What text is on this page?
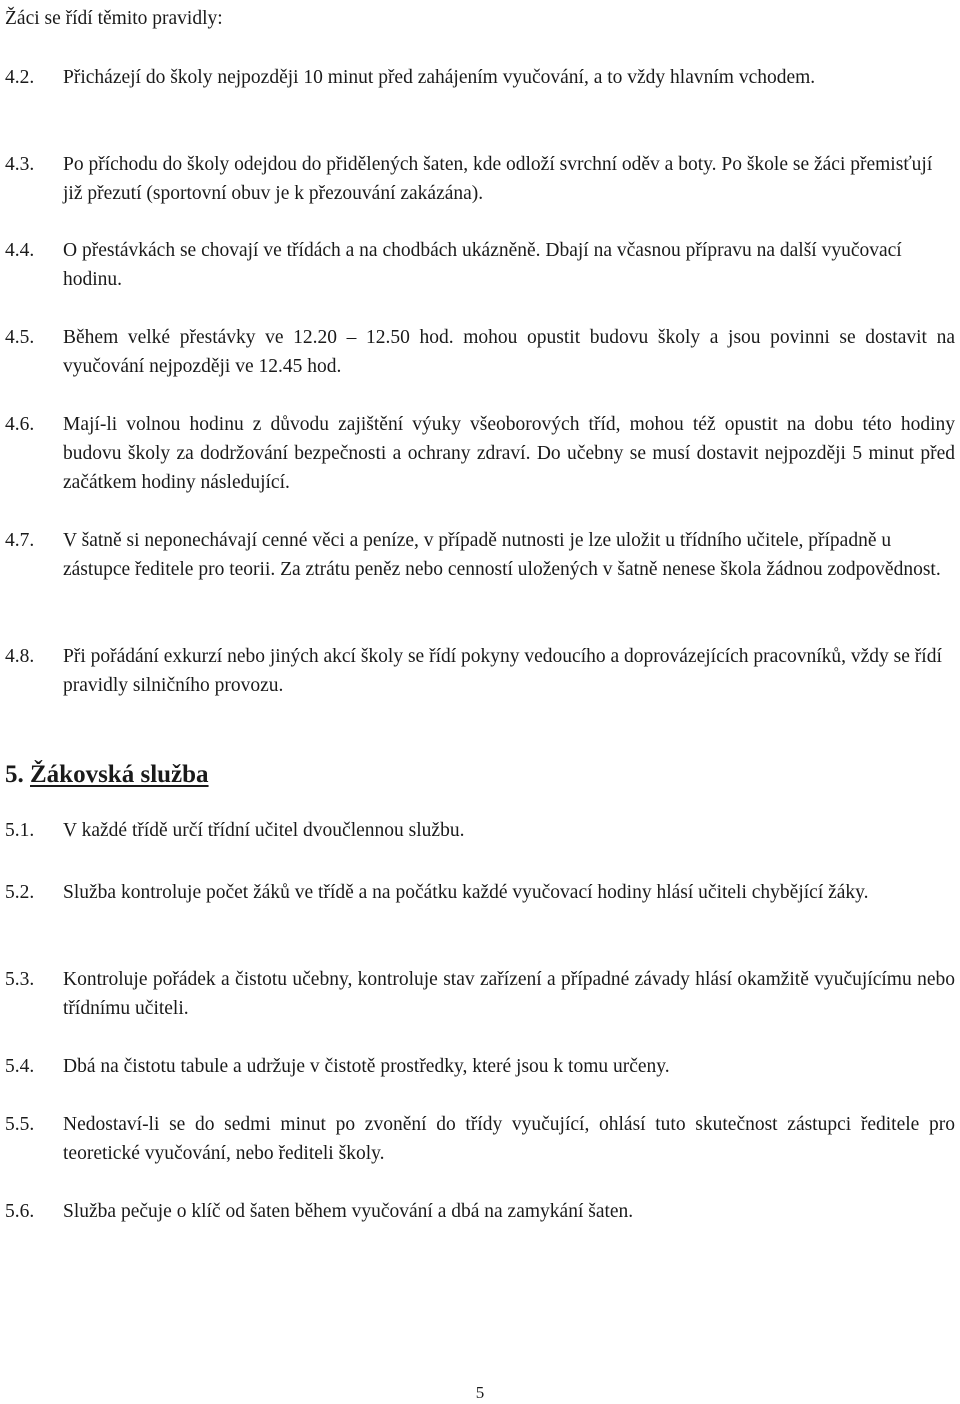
Žáci se řídí těmito pravidly:
4.2. Přicházejí do školy nejpozději 10 minut před zahájením vyučování, a to vždy hlavním vchodem.
4.3. Po příchodu do školy odejdou do přidělených šaten, kde odloží svrchní oděv a boty. Po škole se žáci přemisťují již přezutí (sportovní obuv je k přezouvání zakázána).
4.4. O přestávkách se chovají ve třídách a na chodbách ukázněně. Dbají na včasnou přípravu na další vyučovací hodinu.
4.5. Během velké přestávky ve 12.20 – 12.50 hod. mohou opustit budovu školy a jsou povinni se dostavit na vyučování nejpozději ve 12.45 hod.
4.6. Mají-li volnou hodinu z důvodu zajištění výuky všeoborových tříd, mohou též opustit na dobu této hodiny budovu školy za dodržování bezpečnosti a ochrany zdraví. Do učebny se musí dostavit nejpozději 5 minut před začátkem hodiny následující.
4.7. V šatně si neponechávají cenné věci a peníze, v případě nutnosti je lze uložit u třídního učitele, případně u zástupce ředitele pro teorii. Za ztrátu peněz nebo cenností uložených v šatně nenese škola žádnou zodpovědnost.
4.8. Při pořádání exkurzí nebo jiných akcí školy se řídí pokyny vedoucího a doprovázejících pracovníků, vždy se řídí pravidly silničního provozu.
5. Žákovská služba
5.1. V každé třídě určí třídní učitel dvoučlennou službu.
5.2. Služba kontroluje počet žáků ve třídě a na počátku každé vyučovací hodiny hlásí učiteli chybějící žáky.
5.3. Kontroluje pořádek a čistotu učebny, kontroluje stav zařízení a případné závady hlásí okamžitě vyučujícímu nebo třídnímu učiteli.
5.4. Dbá na čistotu tabule a udržuje v čistotě prostředky, které jsou k tomu určeny.
5.5. Nedostaví-li se do sedmi minut po zvonění do třídy vyučující, ohlásí tuto skutečnost zástupci ředitele pro teoretické vyučování, nebo řediteli školy.
5.6. Služba pečuje o klíč od šaten během vyučování a dbá na zamykání šaten.
5
